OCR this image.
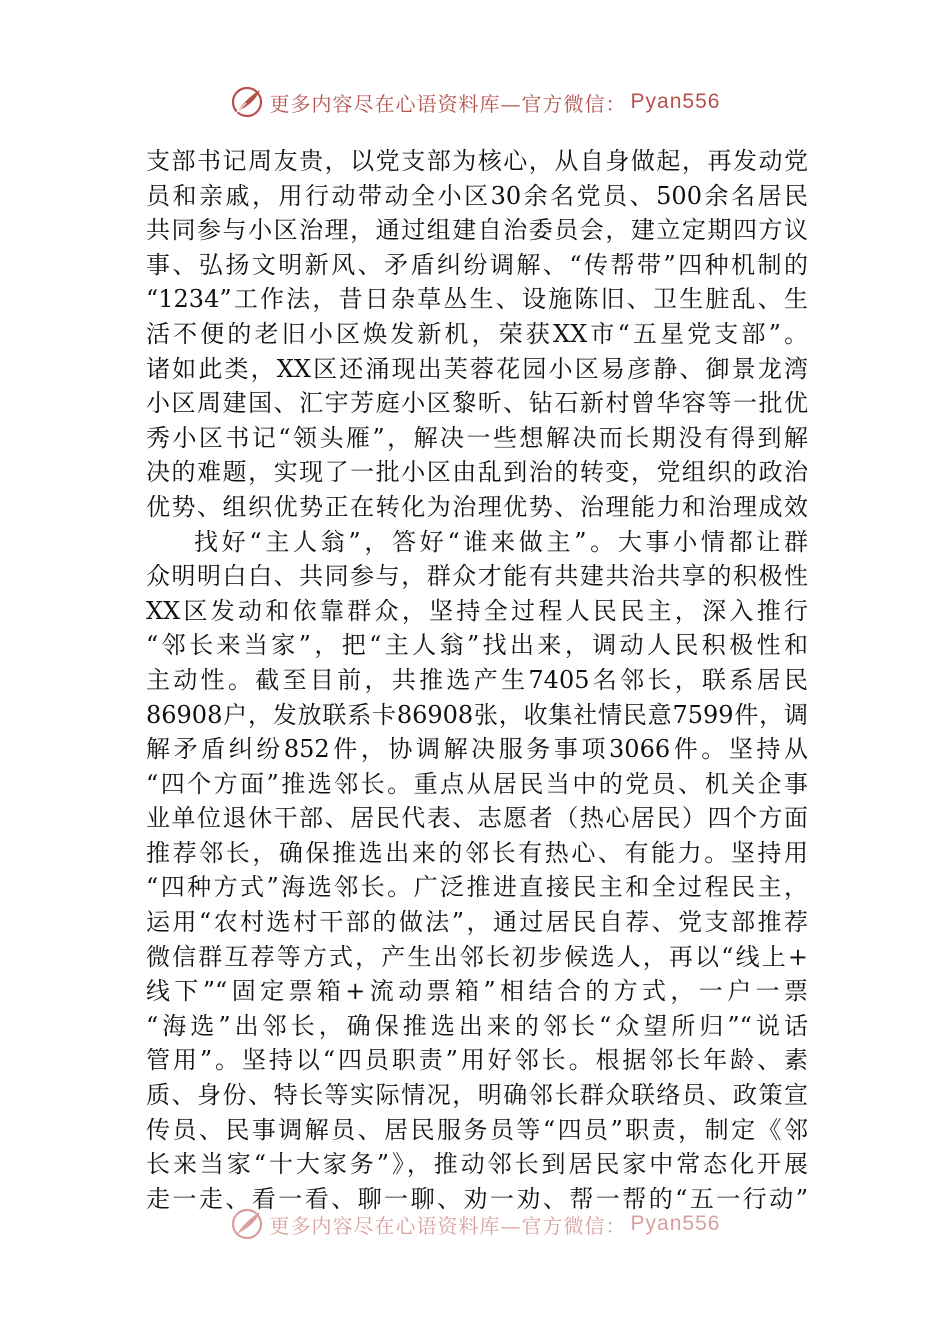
更多内容尽在心语资料库—官方微信： Pyan556
支部书记周友贵，以党支部为核心，从自身做起，再发动党
员和亲戚，用行动带动全小区30余名党员、500余名居民
共同参与小区治理，通过组建自治委员会，建立定期四方议
事、弘扬文明新风、矛盾纠纷调解、“传帮带”四种机制的
“1234”工作法，昔日杂草丛生、设施陈旧、卫生脏乱、生
活不便的老旧小区焕发新机，荣获XX市“五星党支部”。
诸如此类，XX区还涌现出芙蓉花园小区易彦静、御景龙湾
小区周建国、汇宇芳庭小区黎昕、钻石新村曾华容等一批优
秀小区书记“领头雁”，解决一些想解决而长期没有得到解
决的难题，实现了一批小区由乱到治的转变，党组织的政治
优势、组织优势正在转化为治理优势、治理能力和治理成效
找好“主人翁”，答好“谁来做主”。大事小情都让群
众明明白白、共同参与，群众才能有共建共治共享的积极性
XX区发动和依靠群众，坚持全过程人民民主，深入推行
“邻长来当家”，把“主人翁”找出来，调动人民积极性和
主动性。截至目前，共推选产生7405名邻长，联系居民
86908户，发放联系卡86908张，收集社情民意7599件，调
解矛盾纠纷852件，协调解决服务事项3066件。坚持从
“四个方面”推选邻长。重点从居民当中的党员、机关企事
业单位退休干部、居民代表、志愿者（热心居民）四个方面
推荐邻长，确保推选出来的邻长有热心、有能力。坚持用
“四种方式”海选邻长。广泛推进直接民主和全过程民主，
运用“农村选村干部的做法”，通过居民自荐、党支部推荐
微信群互荐等方式，产生出邻长初步候选人，再以“线上+
线下”“固定票箱+流动票箱”相结合的方式，一户一票
“海选”出邻长，确保推选出来的邻长“众望所归”“说话
管用”。坚持以“四员职责”用好邻长。根据邻长年龄、素
质、身份、特长等实际情况，明确邻长群众联络员、政策宣
传员、民事调解员、居民服务员等“四员”职责，制定《邻
长来当家“十大家务”》，推动邻长到居民家中常态化开展
走一走、看一看、聊一聊、劝一劝、帮一帮的“五一行动”
更多内容尽在心语资料库—官方微信： Pyan556
